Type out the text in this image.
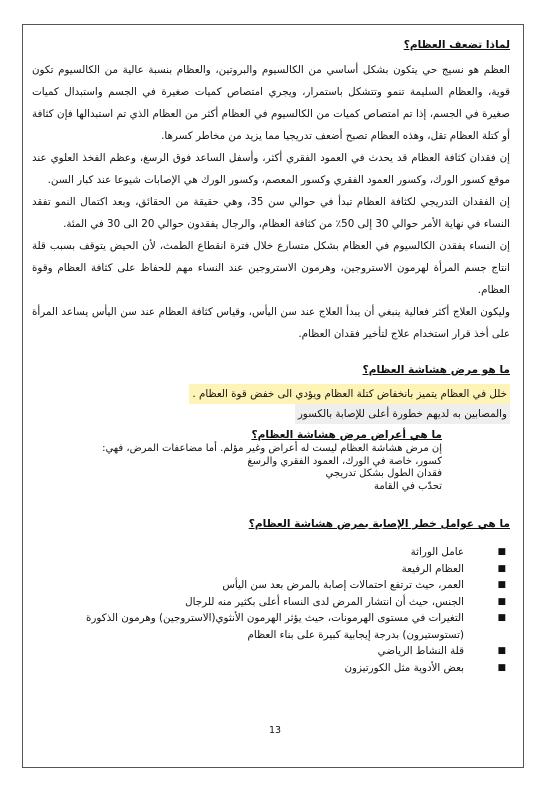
لماذا تضعف العظام؟

العظم هو نسيج حي يتكون بشكل أساسي من الكالسيوم والبروتين، والعظام بنسبة عالية من الكالسيوم تكون قوية، والعظام السليمة تنمو وتتشكل باستمرار، ويجري امتصاص كميات صغيرة في الجسم واستبدال كميات صغيرة في الجسم، إذا تم امتصاص كميات من الكالسيوم في العظام أكثر من العظام الذي تم استبدالها فإن كثافة أو كتلة العظام تقل، وهذه العظام تصبح أضعف تدريجيا مما يزيد من مخاطر كسرها.

إن فقدان كثافة العظام قد يحدث في العمود الفقري أكثر، وأسفل الساعد فوق الرسغ، وعظم الفخذ العلوي عند موقع كسور الورك، وكسور العمود الفقري وكسور المعصم، وكسور الورك هي الإصابات شيوعا عند كبار السن.

إن الفقدان التدريجي لكثافة العظام تبدأ في حوالي سن 35، وهي حقيقة من الحقائق، وبعد اكتمال النمو تفقد النساء في نهاية الأمر حوالي 30 إلى 50٪ من كثافة العظام، والرجال يفقدون حوالي 20 الى 30 في المئة.

إن النساء يفقدن الكالسيوم في العظام بشكل متسارع خلال فترة انقطاع الطمث، لأن الحيض يتوقف بسبب قلة انتاج جسم المرأة لهرمون الاستروجين، وهرمون الاستروجين عند النساء مهم للحفاظ على كثافة العظام وقوة العظام.

وليكون العلاج أكثر فعالية ينبغي أن يبدأ العلاج عند سن اليأس، وقياس كثافة العظام عند سن اليأس يساعد المرأة على أخذ قرار استخدام علاج لتأخير فقدان العظام.

ما هو مرض هشاشة العظام؟
خلل في العظام يتميز بانخفاض كتلة العظام ويؤدي الى خفض قوة العظام .
والمصابين به لديهم خطورة أعلى للإصابة بالكسور
ما هي أعراض مرض هشاشة العظام؟
إن مرض هشاشة العظام ليست له أعراض وغير مؤلم. أما مضاعفات المرض، فهي:
كسور، خاصة في الورك، العمود الفقري والرسغ
فقدان الطول بشكل تدريجي
تحدّب في القامة
ما هي عوامل خطر الإصابة بمرض هشاشة العظام؟
■
عامل الوراثة
■
العظام الرفيعة
■
العمر، حيث ترتفع احتمالات إصابة بالمرض بعد سن اليأس
■
الجنس، حيث أن انتشار المرض لدى النساء أعلى بكثير منه للرجال
■
التغيرات في مستوى الهرمونات، حيث يؤثر الهرمون الأنثوي(الاستروجين) وهرمون الذكورة (تستوستيرون) بدرجة إيجابية كبيرة على بناء العظام
■
قلة النشاط الرياضي
■
بعض الأدوية مثل الكورتيزون
13
